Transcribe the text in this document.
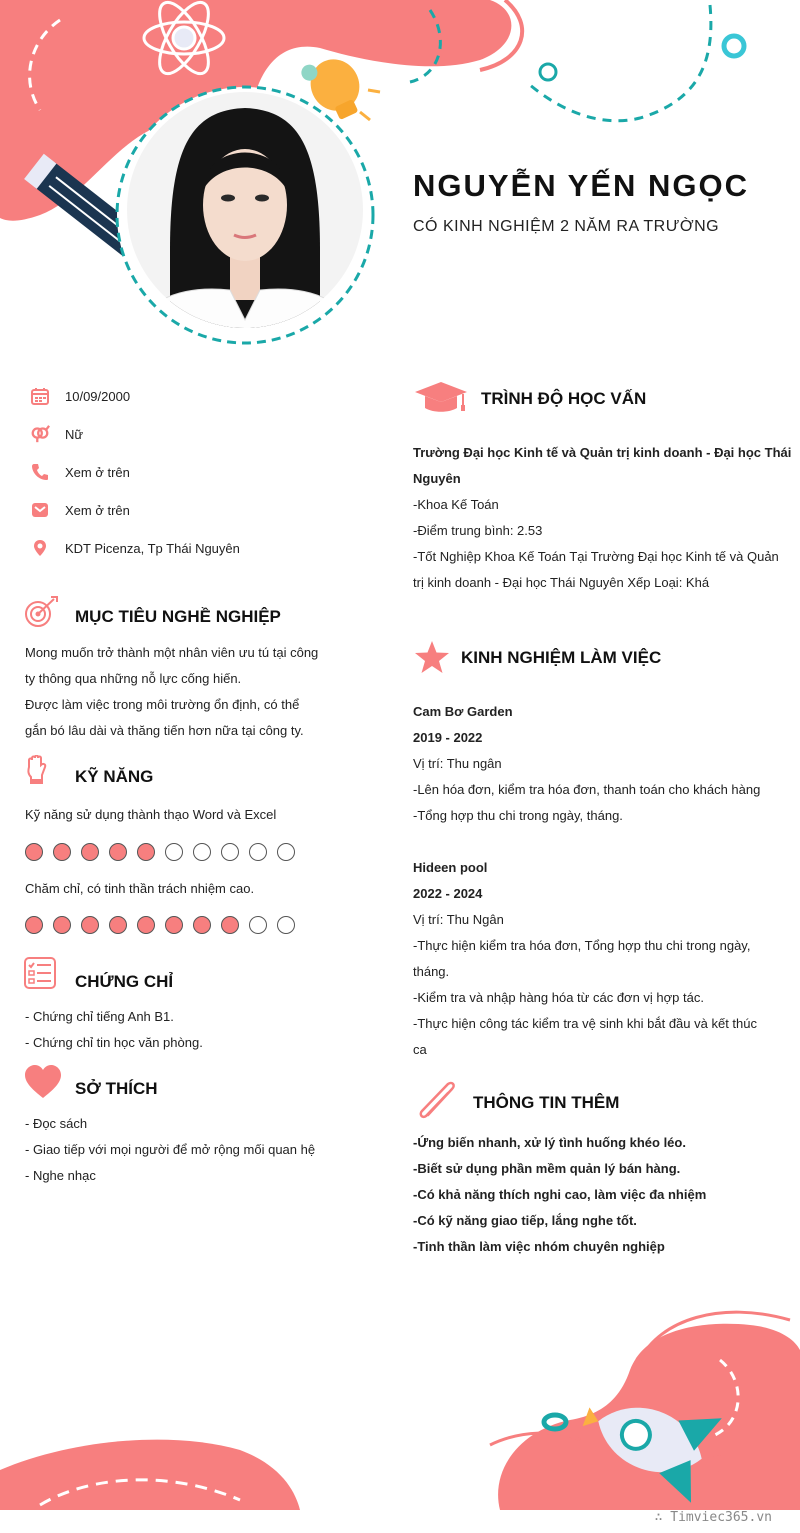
NGUYỄN YẾN NGỌC
CÓ KINH NGHIỆM 2 NĂM RA TRƯỜNG
10/09/2000
Nữ
Xem ở trên
Xem ở trên
KDT Picenza, Tp Thái Nguyên
MỤC TIÊU NGHỀ NGHIỆP
Mong muốn trở thành một nhân viên ưu tú tại công
ty thông qua những nỗ lực cống hiến.
Được làm việc trong môi trường ổn định, có thể
gắn bó lâu dài và thăng tiến hơn nữa tại công ty.
KỸ NĂNG
Kỹ năng sử dụng thành thạo Word và Excel
Chăm chỉ, có tinh thần trách nhiệm cao.
CHỨNG CHỈ
- Chứng chỉ tiếng Anh B1.
- Chứng chỉ tin học văn phòng.
SỞ THÍCH
- Đọc sách
- Giao tiếp với mọi người để mở rộng mối quan hệ
- Nghe nhạc
TRÌNH ĐỘ HỌC VẤN
Trường Đại học Kinh tế và Quản trị kinh doanh - Đại học Thái
Nguyên
-Khoa Kế Toán
-Điểm trung bình: 2.53
-Tốt Nghiệp Khoa Kế Toán Tại Trường Đại học Kinh tế và Quản
trị kinh doanh - Đại học Thái Nguyên Xếp Loại: Khá
KINH NGHIỆM LÀM VIỆC
Cam Bơ Garden
2019 - 2022
Vị trí: Thu ngân
-Lên hóa đơn, kiểm tra hóa đơn, thanh toán cho khách hàng
-Tổng hợp thu chi trong ngày, tháng.
Hideen pool
2022 - 2024
Vị trí: Thu Ngân
-Thực hiện kiểm tra hóa đơn, Tổng hợp thu chi trong ngày,
tháng.
-Kiểm tra và nhập hàng hóa từ các đơn vị hợp tác.
-Thực hiện công tác kiểm tra vệ sinh khi bắt đầu và kết thúc
ca
THÔNG TIN THÊM
-Ứng biến nhanh, xử lý tình huống khéo léo.
-Biết sử dụng phần mềm quản lý bán hàng.
-Có khả năng thích nghi cao, làm việc đa nhiệm
-Có kỹ năng giao tiếp, lắng nghe tốt.
-Tinh thần làm việc nhóm chuyên nghiệp
∴ Timviec365.vn
